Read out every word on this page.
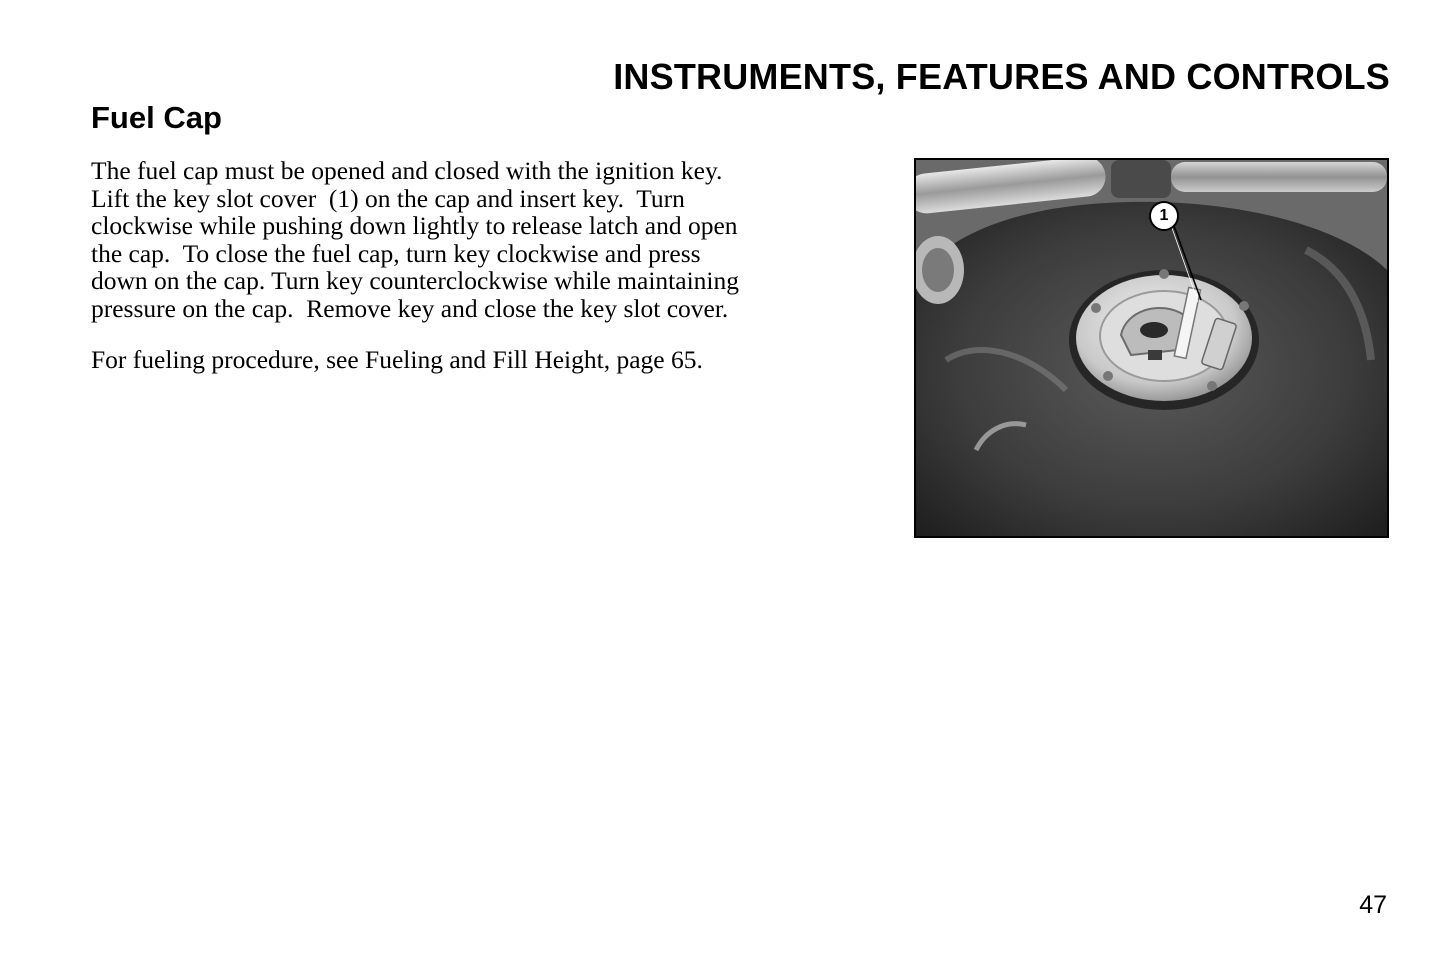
INSTRUMENTS, FEATURES AND CONTROLS
Fuel Cap

The fuel cap must be opened and closed with the ignition key.
Lift the key slot cover  (1) on the cap and insert key.  Turn
clockwise while pushing down lightly to release latch and open
the cap.  To close the fuel cap, turn key clockwise and press
down on the cap. Turn key counterclockwise while maintaining
pressure on the cap.  Remove key and close the key slot cover.

For fueling procedure, see Fueling and Fill Height, page 65.

1

47
